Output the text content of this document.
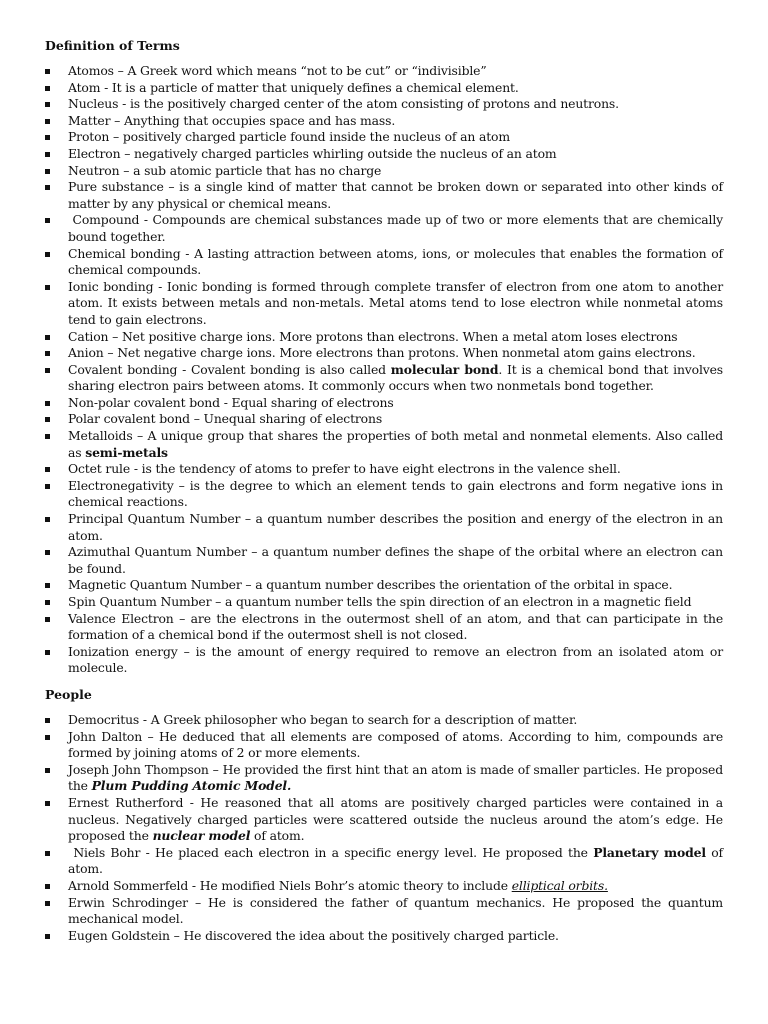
Definition of Terms
Atomos – A Greek word which means “not to be cut” or “indivisible”
Atom - It is a particle of matter that uniquely defines a chemical element.
Nucleus - is the positively charged center of the atom consisting of protons and neutrons.
Matter – Anything that occupies space and has mass.
Proton – positively charged particle found inside the nucleus of an atom
Electron – negatively charged particles whirling outside the nucleus of an atom
Neutron – a sub atomic particle that has no charge
Pure substance – is a single kind of matter that cannot be broken down or separated into other kinds of matter by any physical or chemical means.
Compound - Compounds are chemical substances made up of two or more elements that are chemically bound together.
Chemical bonding - A lasting attraction between atoms, ions, or molecules that enables the formation of chemical compounds.
Ionic bonding - Ionic bonding is formed through complete transfer of electron from one atom to another atom. It exists between metals and non-metals. Metal atoms tend to lose electron while nonmetal atoms tend to gain electrons.
Cation – Net positive charge ions. More protons than electrons. When a metal atom loses electrons
Anion – Net negative charge ions. More electrons than protons. When nonmetal atom gains electrons.
Covalent bonding - Covalent bonding is also called molecular bond. It is a chemical bond that involves sharing electron pairs between atoms. It commonly occurs when two nonmetals bond together.
Non-polar covalent bond - Equal sharing of electrons
Polar covalent bond – Unequal sharing of electrons
Metalloids – A unique group that shares the properties of both metal and nonmetal elements. Also called as semi-metals
Octet rule - is the tendency of atoms to prefer to have eight electrons in the valence shell.
Electronegativity – is the degree to which an element tends to gain electrons and form negative ions in chemical reactions.
Principal Quantum Number – a quantum number describes the position and energy of the electron in an atom.
Azimuthal Quantum Number – a quantum number defines the shape of the orbital where an electron can be found.
Magnetic Quantum Number – a quantum number describes the orientation of the orbital in space.
Spin Quantum Number – a quantum number tells the spin direction of an electron in a magnetic field
Valence Electron – are the electrons in the outermost shell of an atom, and that can participate in the formation of a chemical bond if the outermost shell is not closed.
Ionization energy – is the amount of energy required to remove an electron from an isolated atom or molecule.
People
Democritus - A Greek philosopher who began to search for a description of matter.
John Dalton – He deduced that all elements are composed of atoms. According to him, compounds are formed by joining atoms of 2 or more elements.
Joseph John Thompson – He provided the first hint that an atom is made of smaller particles. He proposed the Plum Pudding Atomic Model.
Ernest Rutherford - He reasoned that all atoms are positively charged particles were contained in a nucleus. Negatively charged particles were scattered outside the nucleus around the atom’s edge. He proposed the nuclear model of atom.
Niels Bohr - He placed each electron in a specific energy level. He proposed the Planetary model of atom.
Arnold Sommerfeld - He modified Niels Bohr’s atomic theory to include elliptical orbits.
Erwin Schrodinger – He is considered the father of quantum mechanics. He proposed the quantum mechanical model.
Eugen Goldstein – He discovered the idea about the positively charged particle.
